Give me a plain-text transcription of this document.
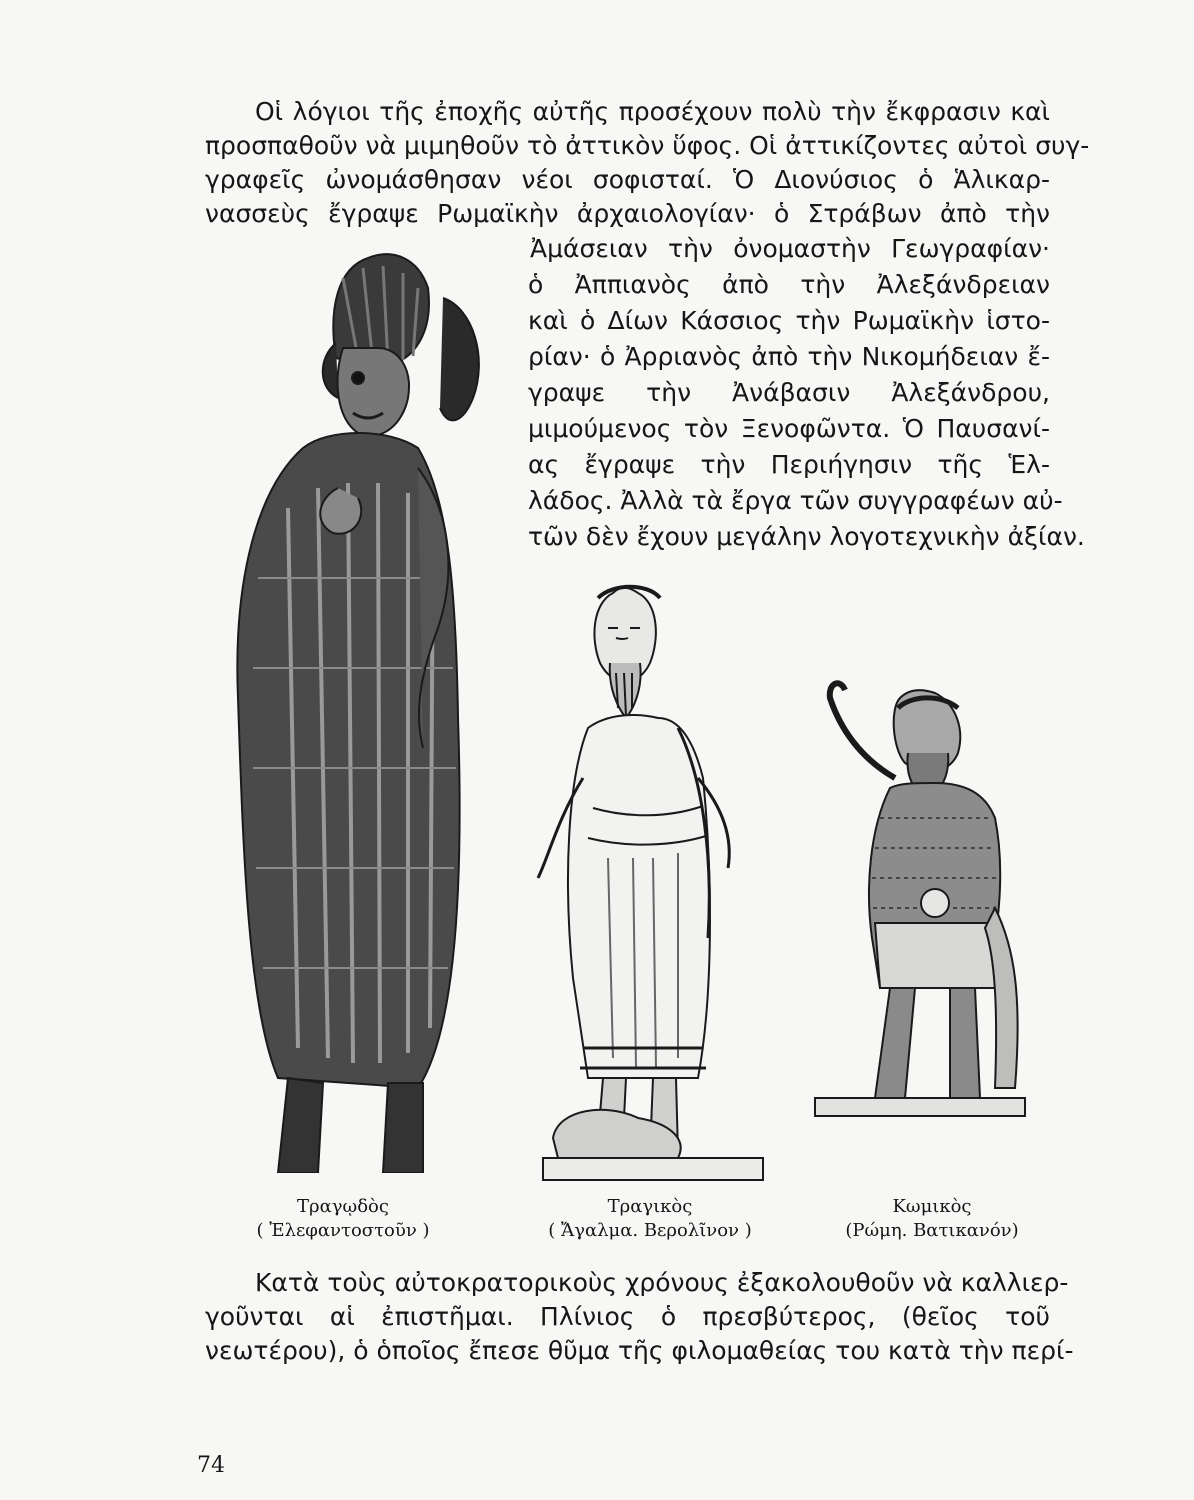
Οἱ λόγιοι τῆς ἐποχῆς αὐτῆς προσέχουν πολὺ τὴν ἔκφρασιν καὶ
προσπαθοῦν νὰ μιμηθοῦν τὸ ἀττικὸν ὕφος. Οἱ ἀττικίζοντες αὐτοὶ συγ-
γραφεῖς ὠνομάσθησαν νέοι σοφισταί. Ὁ Διονύσιος ὁ Ἁλικαρ-
νασσεὺς ἔγραψε Ρωμαϊκὴν ἀρχαιολογίαν· ὁ Στράβων ἀπὸ τὴν
Ἀμάσειαν τὴν ὀνομαστὴν Γεωγραφίαν·
ὁ Ἀππιανὸς ἀπὸ τὴν Ἀλεξάνδρειαν
καὶ ὁ Δίων Κάσσιος τὴν Ρωμαϊκὴν ἱστο-
ρίαν· ὁ Ἀρριανὸς ἀπὸ τὴν Νικομήδειαν ἔ-
γραψε τὴν Ἀνάβασιν Ἀλεξάνδρου,
μιμούμενος τὸν Ξενοφῶντα. Ὁ Παυσανί-
ας ἔγραψε τὴν Περιήγησιν τῆς Ἑλ-
λάδος. Ἀλλὰ τὰ ἔργα τῶν συγγραφέων αὐ-
τῶν δὲν ἔχουν μεγάλην λογοτεχνικὴν ἀξίαν.
Τραγῳδὸς
( Ἐλεφαντοστοῦν )
Τραγικὸς
( Ἄγαλμα. Βερολῖνον )
Κωμικὸς
(Ρώμη. Βατικανόν)
Κατὰ τοὺς αὐτοκρατορικοὺς χρόνους ἐξακολουθοῦν νὰ καλλιερ-
γοῦνται αἱ ἐπιστῆμαι. Πλίνιος ὁ πρεσβύτερος, (θεῖος τοῦ
νεωτέρου), ὁ ὁποῖος ἔπεσε θῦμα τῆς φιλομαθείας του κατὰ τὴν περί-
74
